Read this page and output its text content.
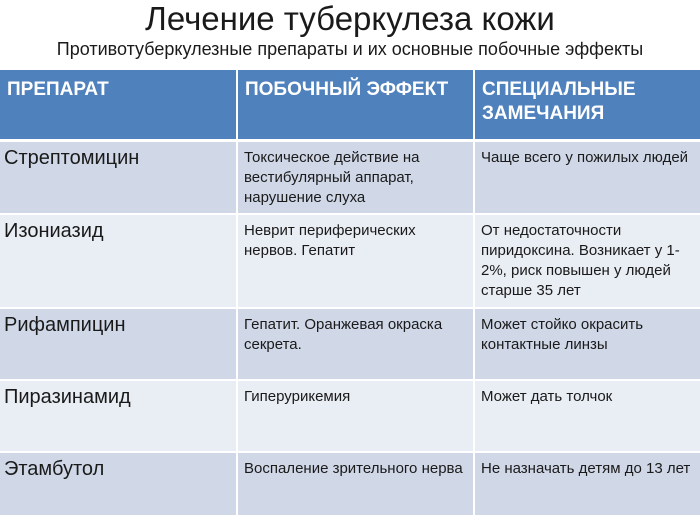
Лечение туберкулеза кожи
Противотуберкулезные препараты и их основные побочные эффекты
ПРЕПАРАТ	ПОБОЧНЫЙ ЭФФЕКТ	СПЕЦИАЛЬНЫЕ ЗАМЕЧАНИЯ
Стрептомицин	Токсическое действие на вестибулярный аппарат, нарушение слуха	Чаще всего у пожилых людей
Изониазид	Неврит периферических нервов. Гепатит	От недостаточности пиридоксина. Возникает у 1-2%, риск повышен у людей старше 35 лет
Рифампицин	Гепатит. Оранжевая окраска секрета.	Может стойко окрасить контактные линзы
Пиразинамид	Гиперурикемия	Может дать толчок
Этамбутол	Воспаление зрительного нерва	Не назначать детям до 13 лет
